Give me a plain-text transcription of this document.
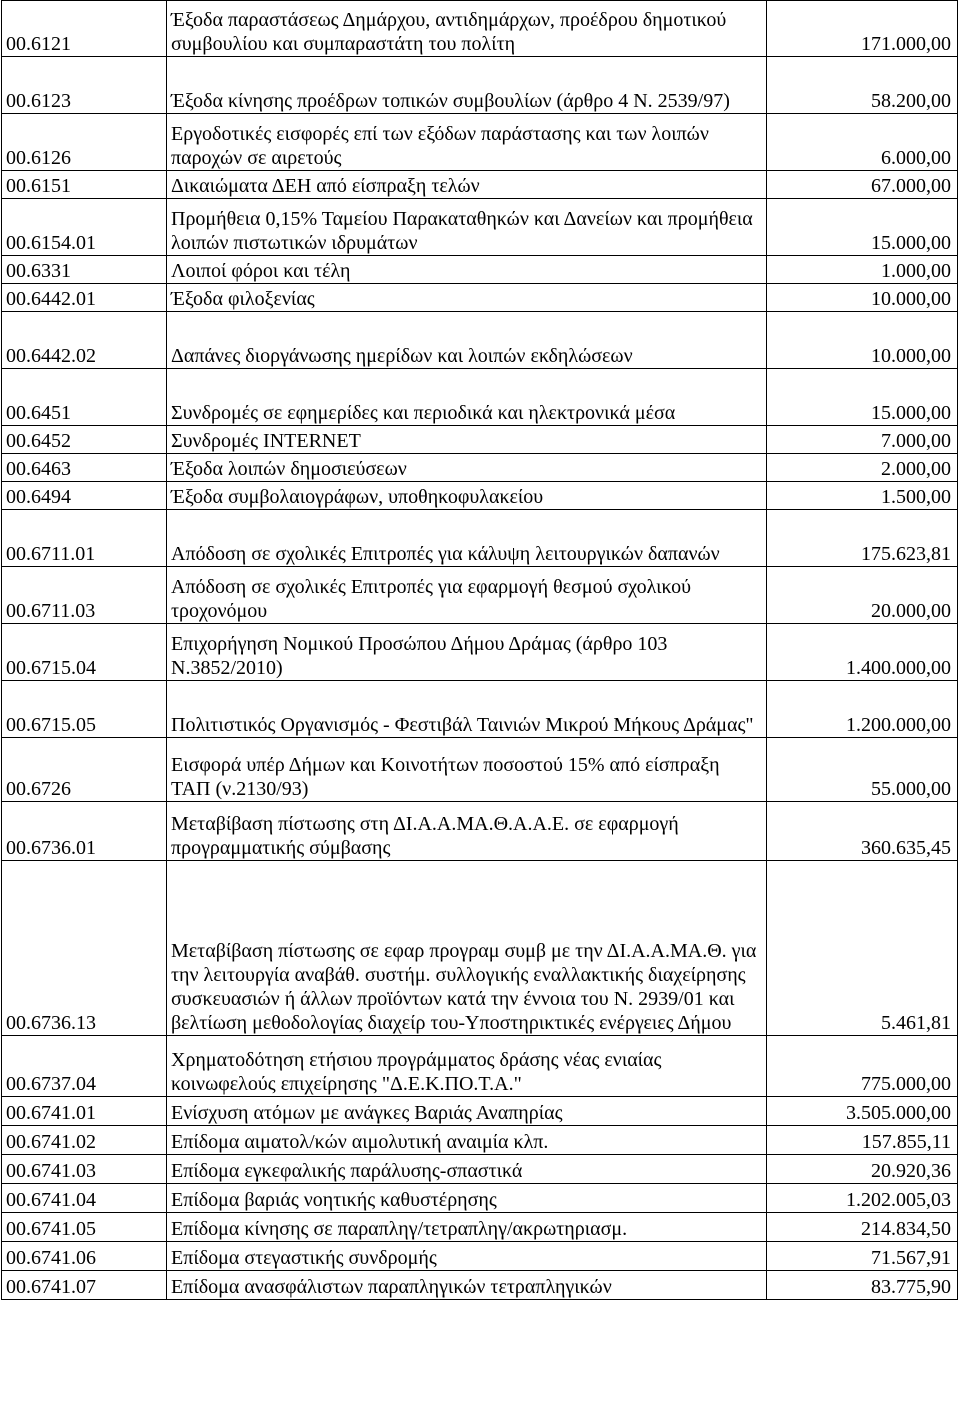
00.6121	Έξοδα παραστάσεως Δημάρχου, αντιδημάρχων, προέδρου δημοτικού συμβουλίου και συμπαραστάτη του πολίτη	171.000,00
00.6123	Έξοδα κίνησης προέδρων τοπικών συμβουλίων (άρθρο 4 Ν. 2539/97)	58.200,00
00.6126	Εργοδοτικές εισφορές επί των εξόδων παράστασης και των λοιπών παροχών σε αιρετούς	6.000,00
00.6151	Δικαιώματα ΔΕΗ από είσπραξη τελών	67.000,00
00.6154.01	Προμήθεια 0,15% Ταμείου Παρακαταθηκών και Δανείων και προμήθεια λοιπών πιστωτικών ιδρυμάτων	15.000,00
00.6331	Λοιποί φόροι και τέλη	1.000,00
00.6442.01	Έξοδα φιλοξενίας	10.000,00
00.6442.02	Δαπάνες διοργάνωσης ημερίδων και λοιπών εκδηλώσεων	10.000,00
00.6451	Συνδρομές σε εφημερίδες και περιοδικά και ηλεκτρονικά μέσα	15.000,00
00.6452	Συνδρομές INTERNET	7.000,00
00.6463	Έξοδα λοιπών δημοσιεύσεων	2.000,00
00.6494	Έξοδα συμβολαιογράφων, υποθηκοφυλακείου	1.500,00
00.6711.01	Απόδοση σε σχολικές Επιτροπές για κάλυψη λειτουργικών δαπανών	175.623,81
00.6711.03	Απόδοση σε σχολικές Επιτροπές για εφαρμογή θεσμού σχολικού τροχονόμου	20.000,00
00.6715.04	Επιχορήγηση Νομικού Προσώπου Δήμου Δράμας (άρθρο 103 Ν.3852/2010)	1.400.000,00
00.6715.05	Πολιτιστικός Οργανισμός - Φεστιβάλ Ταινιών Μικρού Μήκους Δράμας"	1.200.000,00
00.6726	Εισφορά υπέρ Δήμων και Κοινοτήτων ποσοστού 15% από είσπραξη ΤΑΠ (ν.2130/93)	55.000,00
00.6736.01	Μεταβίβαση πίστωσης στη ΔΙ.Α.Α.ΜΑ.Θ.Α.Α.Ε. σε εφαρμογή προγραμματικής σύμβασης	360.635,45
00.6736.13	Μεταβίβαση πίστωσης σε εφαρ προγραμ συμβ με την ΔΙ.Α.Α.ΜΑ.Θ. για την λειτουργία αναβάθ. συστήμ. συλλογικής εναλλακτικής διαχείρησης συσκευασιών ή άλλων προϊόντων κατά την έννοια του Ν. 2939/01 και βελτίωση μεθοδολογίας διαχείρ του-Υποστηρικτικές ενέργειες Δήμου	5.461,81
00.6737.04	Χρηματοδότηση ετήσιου προγράμματος δράσης νέας ενιαίας κοινωφελούς επιχείρησης "Δ.Ε.Κ.ΠΟ.Τ.Α."	775.000,00
00.6741.01	Ενίσχυση ατόμων με ανάγκες Βαριάς Αναπηρίας	3.505.000,00
00.6741.02	Επίδομα αιματολ/κών αιμολυτική αναιμία κλπ.	157.855,11
00.6741.03	Επίδομα εγκεφαλικής παράλυσης-σπαστικά	20.920,36
00.6741.04	Επίδομα βαριάς νοητικής καθυστέρησης	1.202.005,03
00.6741.05	Επίδομα κίνησης σε παραπληγ/τετραπληγ/ακρωτηριασμ.	214.834,50
00.6741.06	Επίδομα στεγαστικής συνδρομής	71.567,91
00.6741.07	Επίδομα ανασφάλιστων παραπληγικών τετραπληγικών	83.775,90
